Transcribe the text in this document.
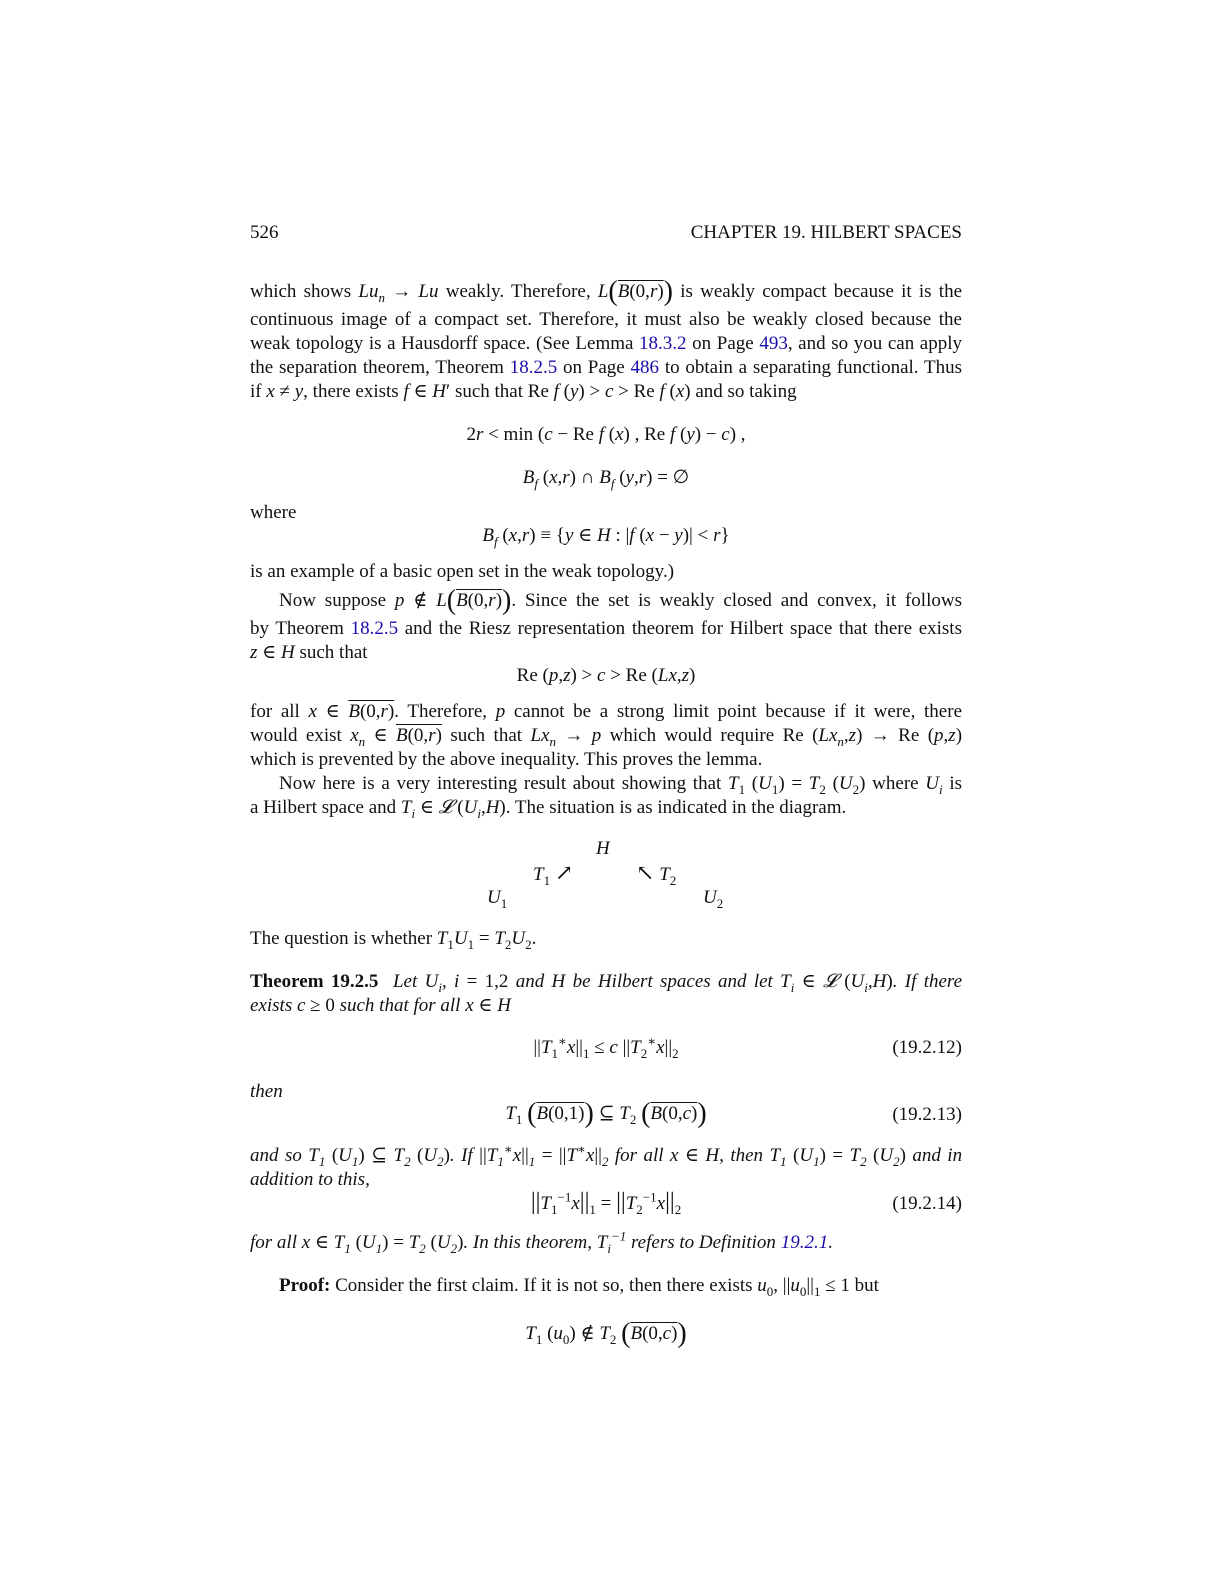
526	CHAPTER 19. HILBERT SPACES
which shows $Lu_n \to Lu$ weakly. Therefore, L(B(0,r)) is weakly compact because it is the
continuous image of a compact set. Therefore, it must also be weakly closed because the
weak topology is a Hausdorff space. (See Lemma 18.3.2 on Page 493, and so you can apply
the separation theorem, Theorem 18.2.5 on Page 486 to obtain a separating functional. Thus
if x ≠ y, there exists f ∈ H′ such that Re f (y) > c > Re f (x) and so taking
2r < min (c − Re f (x) , Re f (y) − c) ,
$B_f$ (x,r) ∩ $B_f$ (y,r) = ∅
where
$B_f$ (x,r) ≡ {y ∈ H : |f (x − y)| < r}
is an example of a basic open set in the weak topology.)
Now suppose p ∉ L(B(0,r)). Since the set is weakly closed and convex, it follows
by Theorem 18.2.5 and the Riesz representation theorem for Hilbert space that there exists
z ∈ H such that
Re (p,z) > c > Re (Lx,z)
for all x ∈ B(0,r). Therefore, p cannot be a strong limit point because if it were, there
would exist $x_n$ ∈ B(0,r) such that $Lx_n \to p$ which would require Re $(Lx_n,z) \to Re$ (p,z)
which is prevented by the above inequality. This proves the lemma.
Now here is a very interesting result about showing that $T_1$ $(U_1) = T_2$ $(U_2)$ where $U_i$ is
a Hilbert space and $T_i$ ∈ 𝓛 $(U_i,H)$. The situation is as indicated in the diagram.
H
$T_1$ ↗	↖ $T_2$
$U_1$	$U_2$
The question is whether $T_1U_1 = T_2U_2$.
Theorem 19.2.5 Let $U_i$, i = 1,2 and H be Hilbert spaces and let $T_i$ ∈ 𝓛 $(U_i,H)$. If there
exists c ≥ 0 such that for all x ∈ H
$||T_1^∗x||_1 \le c$ $||T_2^∗x||_2$	(19.2.12)
then
$T_1$ (B(0,1)) ⊆ $T_2$ (B(0,c))	(19.2.13)
and so $T_1$ $(U_1)$ ⊆ $T_2$ $(U_2)$. If $||T_1^∗x||_1 = ||T^∗x||_2$ for all x ∈ H, then $T_1$ $(U_1) = T_2$ $(U_2)$ and in
addition to this,
$||T_1^{-1}x||_1 = ||T_2^{-1}x||_2$	(19.2.14)
for all x ∈ $T_1$ $(U_1) = T_2$ $(U_2)$. In this theorem, $T_i^{-1}$ refers to Definition 19.2.1.
Proof: Consider the first claim. If it is not so, then there exists $u_0$, $||u_0||_1 \le 1$ but
$T_1$ $(u_0)$ ∉ $T_2$ (B(0,c))
